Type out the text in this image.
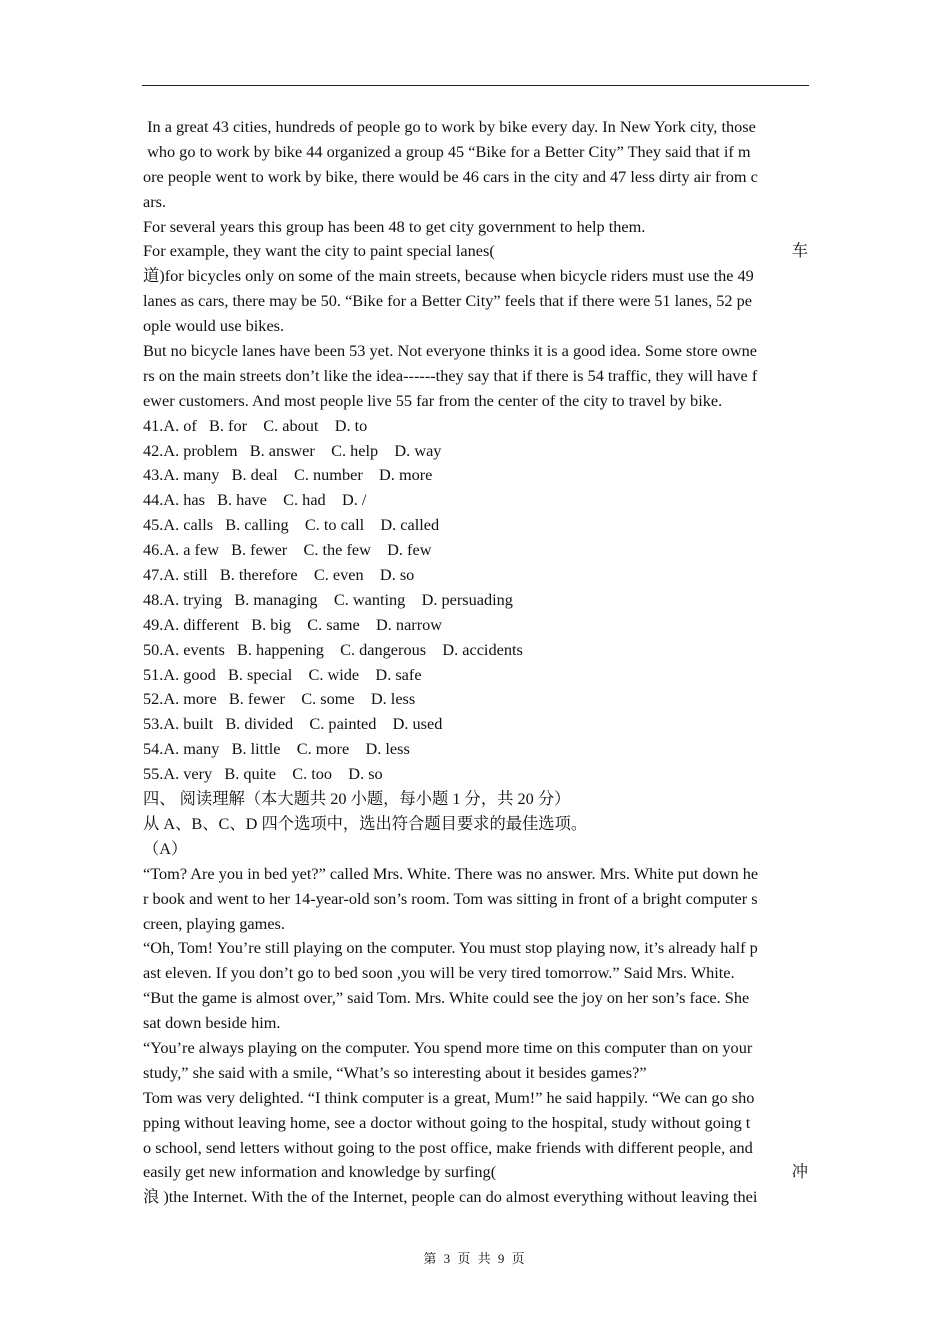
In a great 43 cities, hundreds of people go to work by bike every day. In New York city, those
who go to work by bike 44 organized a group 45 “Bike for a Better City” They said that if m
ore people went to work by bike, there would be 46 cars in the city and 47 less dirty air from c
ars.
For several years this group has been 48 to get city government to help them.
For example, they want the city to paint special lanes(	车
道)for bicycles only on some of the main streets, because when bicycle riders must use the 49
lanes as cars, there may be 50. “Bike for a Better City” feels that if there were 51 lanes, 52 pe
ople would use bikes.
But no bicycle lanes have been 53 yet. Not everyone thinks it is a good idea. Some store owne
rs on the main streets don’t like the idea------they say that if there is 54 traffic, they will have f
ewer customers. And most people live 55 far from the center of the city to travel by bike.
41.A. of   B. for    C. about    D. to
42.A. problem   B. answer    C. help    D. way
43.A. many   B. deal    C. number    D. more
44.A. has   B. have    C. had    D. /
45.A. calls   B. calling    C. to call    D. called
46.A. a few   B. fewer    C. the few    D. few
47.A. still   B. therefore    C. even    D. so
48.A. trying   B. managing    C. wanting    D. persuading
49.A. different   B. big    C. same    D. narrow
50.A. events   B. happening    C. dangerous    D. accidents
51.A. good   B. special    C. wide    D. safe
52.A. more   B. fewer    C. some    D. less
53.A. built   B. divided    C. painted    D. used
54.A. many   B. little    C. more    D. less
55.A. very   B. quite    C. too    D. so
四、 阅读理解（本大题共 20 小题，每小题 1 分，共 20 分）
从 A、B、C、D 四个选项中，选出符合题目要求的最佳选项。
（A）
“Tom? Are you in bed yet?” called Mrs. White. There was no answer. Mrs. White put down he
r book and went to her 14-year-old son’s room. Tom was sitting in front of a bright computer s
creen, playing games.
“Oh, Tom! You’re still playing on the computer. You must stop playing now, it’s already half p
ast eleven. If you don’t go to bed soon ,you will be very tired tomorrow.” Said Mrs. White.
“But the game is almost over,” said Tom. Mrs. White could see the joy on her son’s face. She
sat down beside him.
“You’re always playing on the computer. You spend more time on this computer than on your
study,” she said with a smile, “What’s so interesting about it besides games?”
Tom was very delighted. “I think computer is a great, Mum!” he said happily. “We can go sho
pping without leaving home, see a doctor without going to the hospital, study without going t
o school, send letters without going to the post office, make friends with different people, and
easily get new information and knowledge by surfing(	冲
浪 )the Internet. With the of the Internet, people can do almost everything without leaving thei
第 3 页 共 9 页
